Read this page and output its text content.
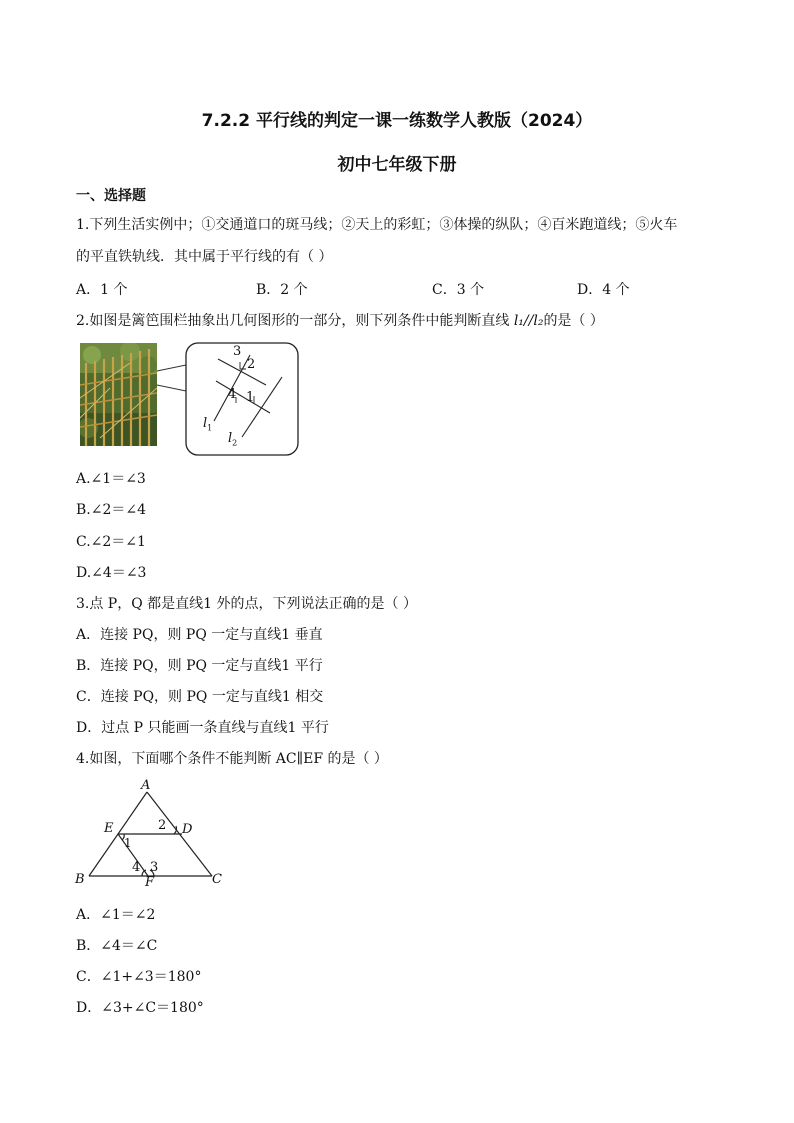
7.2.2 平行线的判定一课一练数学人教版（2024）
初中七年级下册
一、选择题
1.下列生活实例中；①交通道口的斑马线；②天上的彩虹；③体操的纵队；④百米跑道线；⑤火车
的平直铁轨线．其中属于平行线的有（ ）
A．1 个	B．2 个	C．3 个	D．4 个
2.如图是篱笆围栏抽象出几何图形的一部分，则下列条件中能判断直线 l₁//l₂的是（ ）
3
2
4 1
$l_1$
$l_2$
A.∠1＝∠3
B.∠2＝∠4
C.∠2＝∠1
D.∠4＝∠3
3.点 P，Q 都是直线1 外的点，下列说法正确的是（ ）
A．连接 PQ，则 PQ 一定与直线1 垂直
B．连接 PQ，则 PQ 一定与直线1 平行
C．连接 PQ，则 PQ 一定与直线1 相交
D．过点 P 只能画一条直线与直线1 平行
4.如图，下面哪个条件不能判断 AC∥EF 的是（ ）
A
E	2 D
1
4 3
B	F	C
A．∠1＝∠2
B．∠4＝∠C
C．∠1+∠3＝180°
D．∠3+∠C＝180°
